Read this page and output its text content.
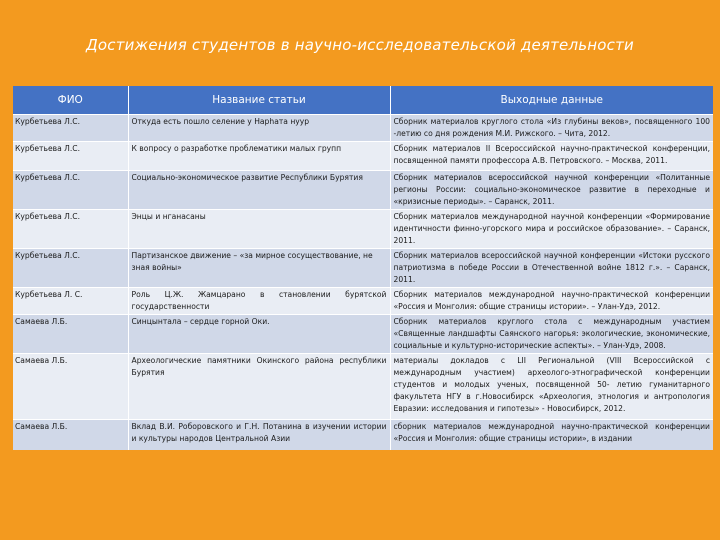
Достижения студентов в научно-исследовательской деятельности
ФИО	Название статьи	Выходные данные
Курбетьева Л.С.	Откуда есть пошло селение у Нарhата нуур	Сборник материалов круглого стола «Из глубины веков», посвященного 100 -летию со дня рождения М.И. Рижского. – Чита, 2012.
Курбетьева Л.С.	К вопросу о разработке проблематики малых групп	Сборник материалов II Всероссийской научно-практической конференции, посвященной памяти профессора А.В. Петровского. – Москва, 2011.
Курбетьева Л.С.	Социально-экономическое развитие Республики Бурятия	Сборник материалов всероссийской научной конференции «Политанные регионы России: социально-экономическое развитие в переходные и «кризисные периоды». – Саранск, 2011.
Курбетьева Л.С.	Энцы и нганасаны	Сборник материалов международной научной конференции «Формирование идентичности финно-угорского мира и российское образование». – Саранск, 2011.
Курбетьева Л.С.	Партизанское движение – «за мирное сосуществование, не зная войны»	Сборник материалов всероссийской научной конференции «Истоки русского патриотизма в победе России в Отечественной войне 1812 г.». – Саранск, 2011.
Курбетьева Л. С.	Роль Ц.Ж. Жамцарано в становлении бурятской государственности	Сборник материалов международной научно-практической конференции «Россия и Монголия: общие страницы истории». – Улан-Удэ, 2012.
Самаева Л.Б.	Синцынтала – сердце горной Оки.	Сборник материалов круглого стола с международным участием «Священные ландшафты Саянского нагорья: экологические, экономические, социальные и культурно-исторические аспекты». – Улан-Удэ, 2008.
Самаева Л.Б.	Археологические памятники Окинского района республики Бурятия	материалы докладов с LII Региональной (VIII Всероссийской с международным участием) археолого-этнографической конференции студентов и молодых ученых, посвященной 50- летию гуманитарного факультета НГУ в г.Новосибирск «Археология, этнология и антропология Евразии: исследования и гипотезы» - Новосибирск, 2012.
Самаева Л.Б.	Вклад В.И. Роборовского и Г.Н. Потанина в изучении истории и культуры народов Центральной Азии	сборник материалов международной научно-практической конференции «Россия и Монголия: общие страницы истории», в издании
